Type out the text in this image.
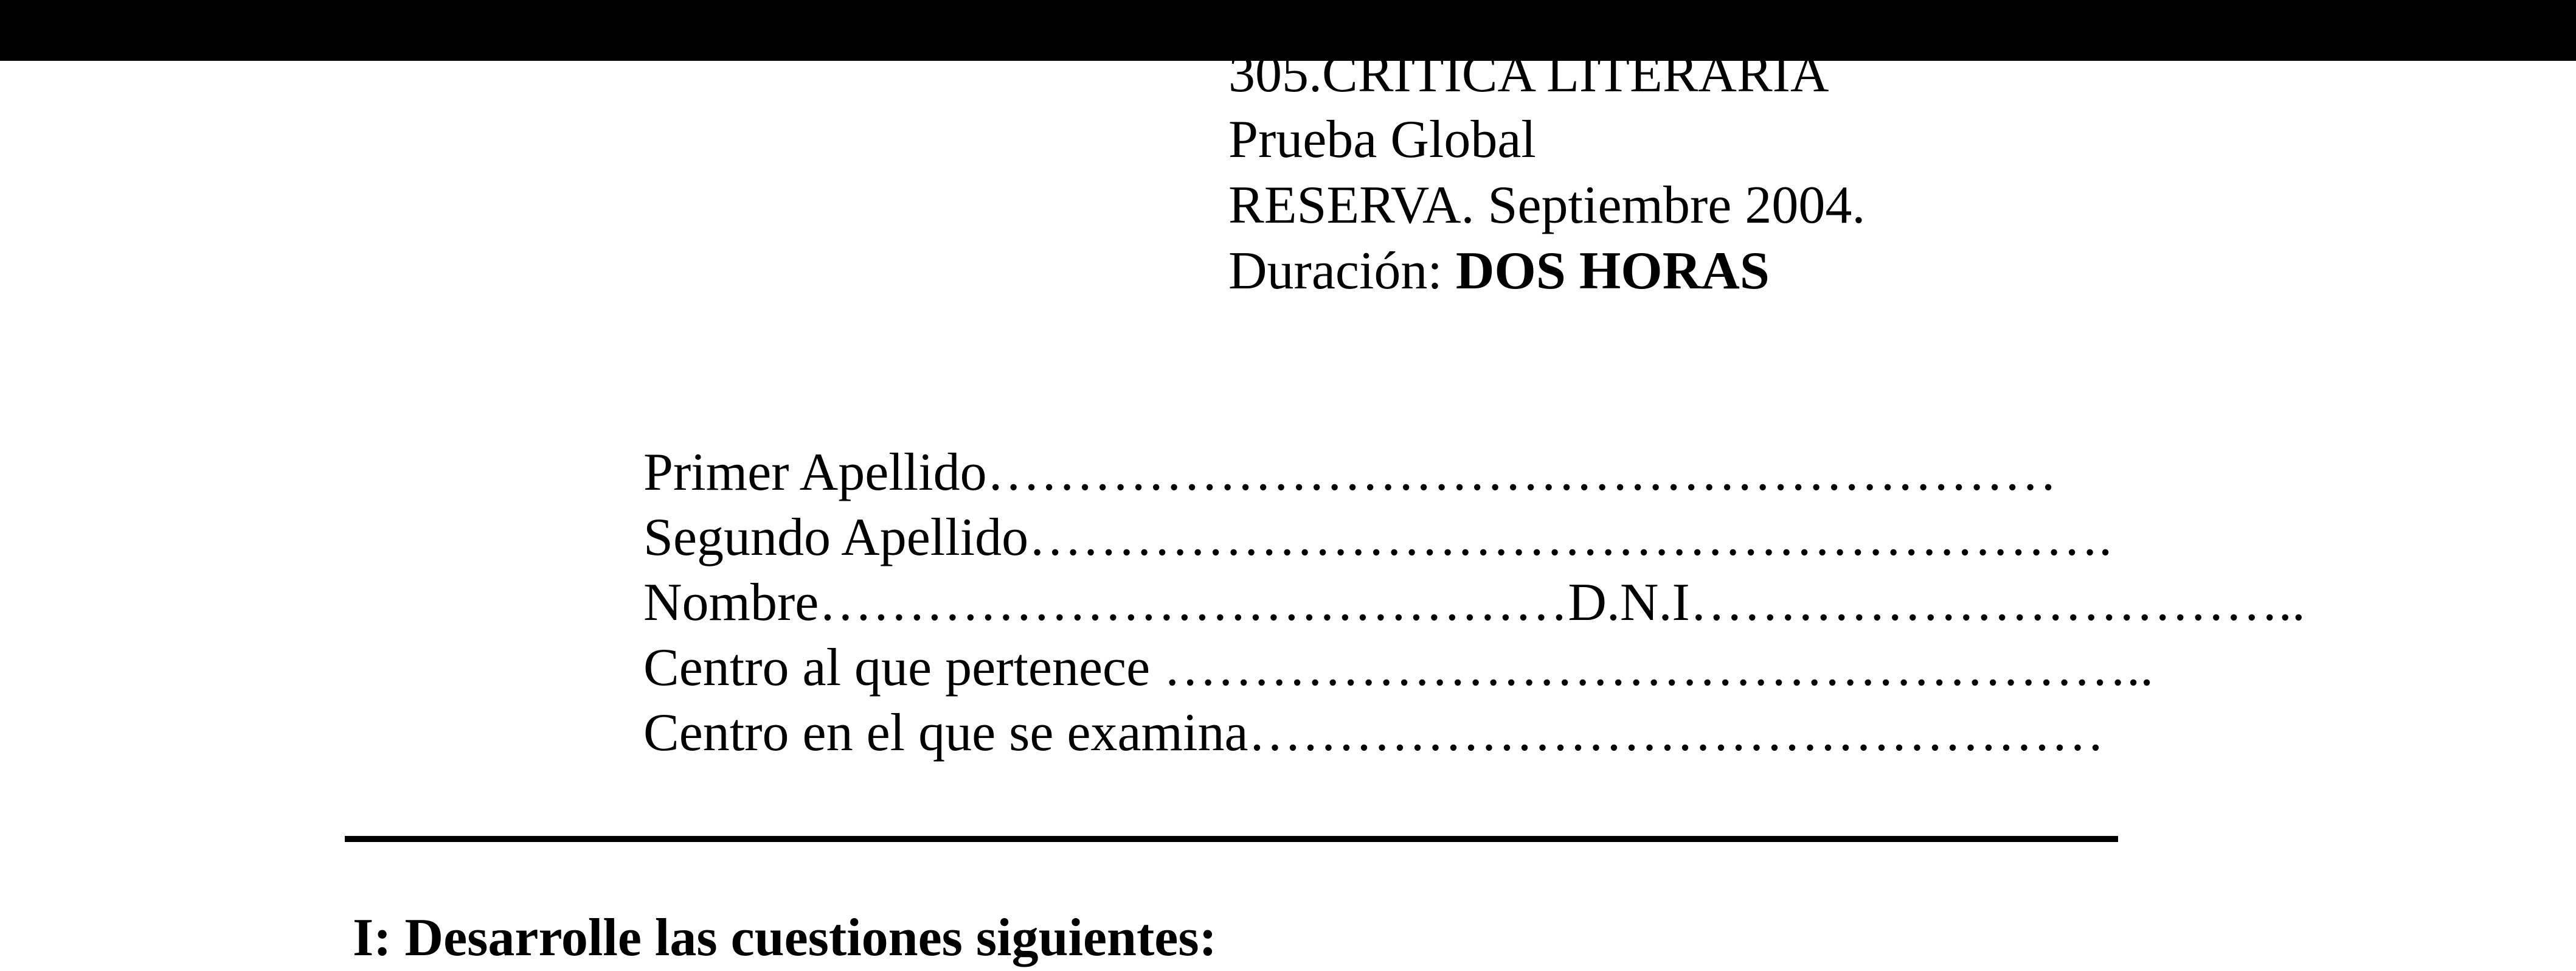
305.CRITICA LITERARIA
Prueba Global
RESERVA. Septiembre 2004.
Duración: DOS HORAS
Primer Apellido……………………………………………………
Segundo Apellido…………………………………………………….
Nombre……………………………………D.N.I……………………………..
Centro al que pertenece ………………………………………………..
Centro en el que se examina…………………………………………
I: Desarrolle las cuestiones siguientes:
